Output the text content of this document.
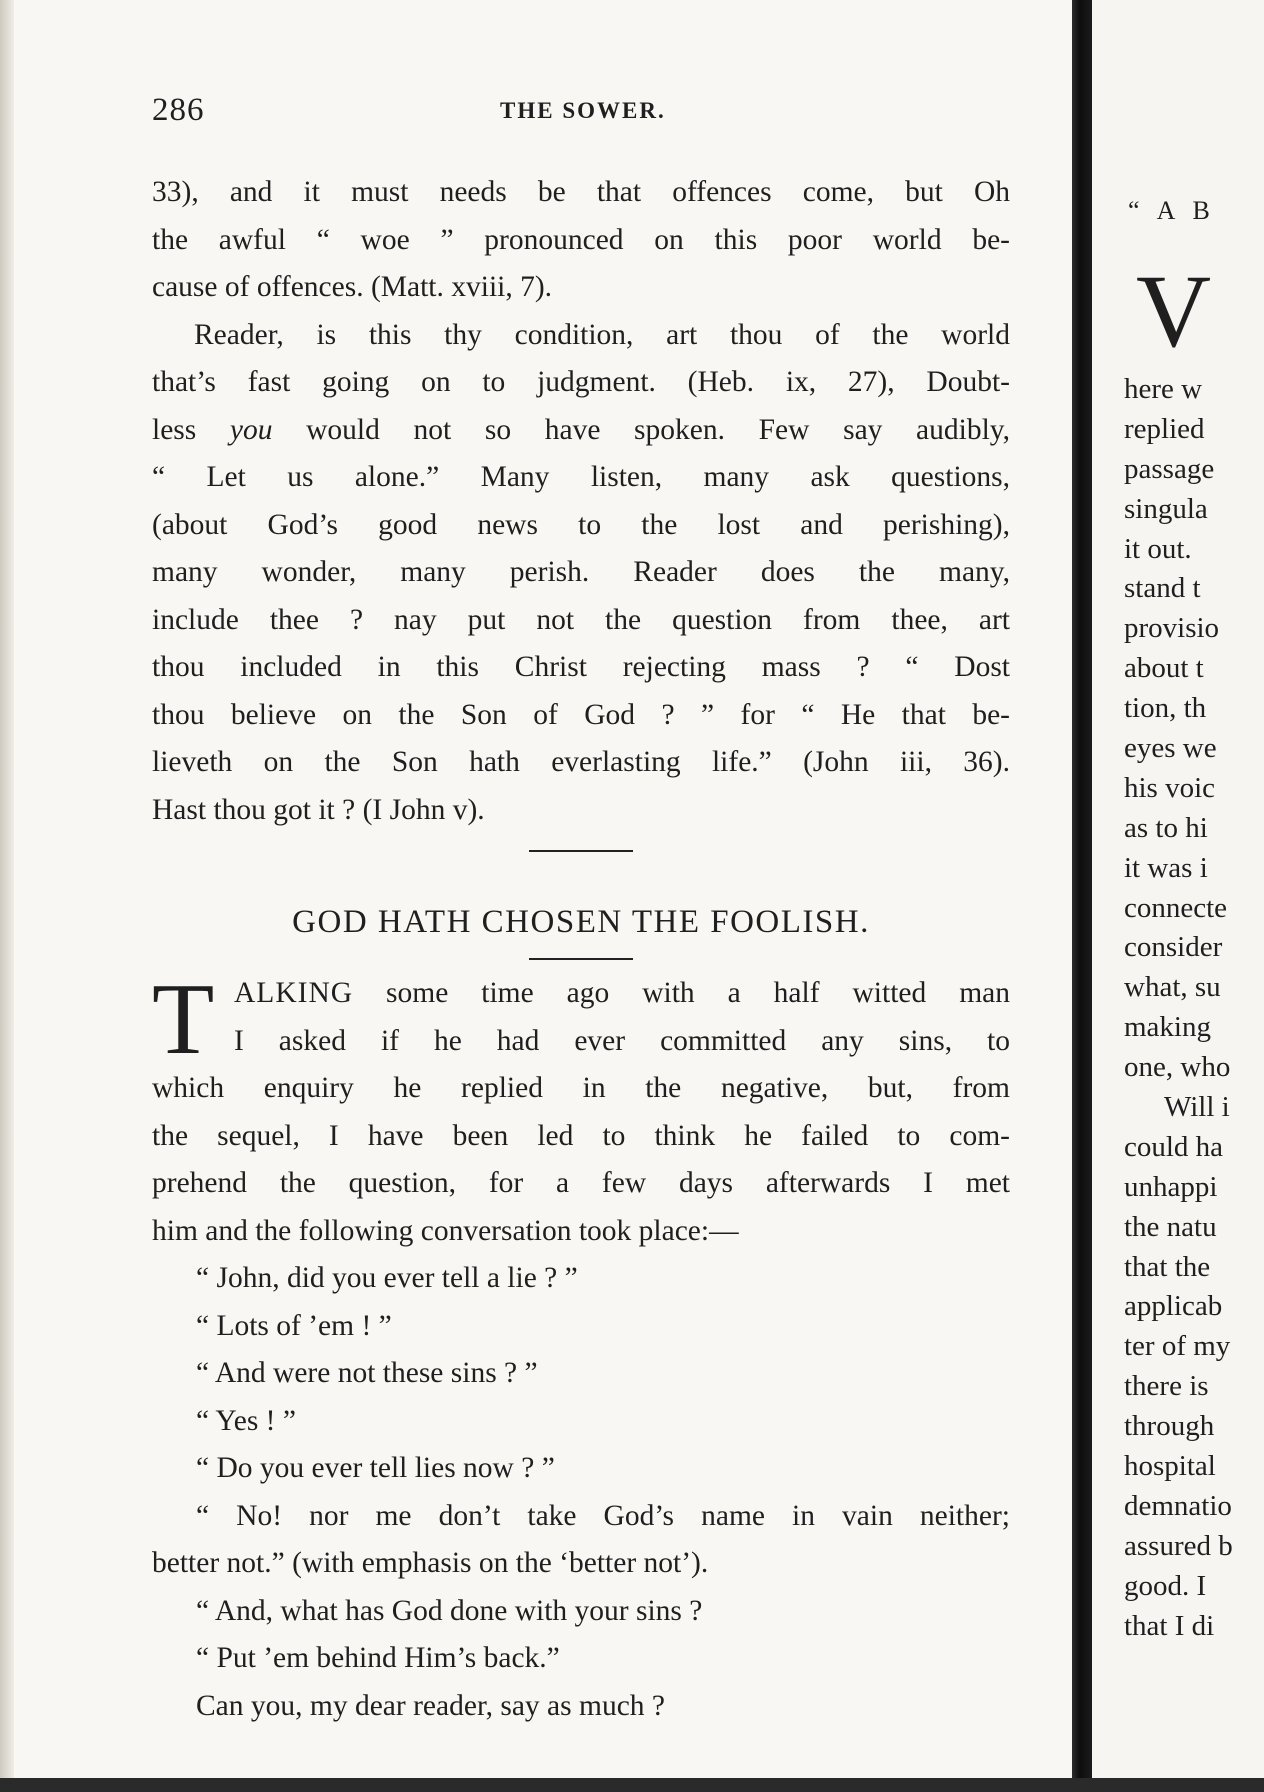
286	THE SOWER.
33), and it must needs be that offences come, but Oh
the awful “ woe ” pronounced on this poor world be-
cause of offences. (Matt. xviii, 7).
Reader, is this thy condition, art thou of the world
that’s fast going on to judgment. (Heb. ix, 27), Doubt-
less you would not so have spoken. Few say audibly,
“ Let us alone.” Many listen, many ask questions,
(about God’s good news to the lost and perishing),
many wonder, many perish. Reader does the many,
include thee ? nay put not the question from thee, art
thou included in this Christ rejecting mass ? “ Dost
thou believe on the Son of God ? ” for “ He that be-
lieveth on the Son hath everlasting life.” (John iii, 36).
Hast thou got it ? (I John v).
GOD HATH CHOSEN THE FOOLISH.
T ALKING some time ago with a half witted man
I asked if he had ever committed any sins, to
which enquiry he replied in the negative, but, from
the sequel, I have been led to think he failed to com-
prehend the question, for a few days afterwards I met
him and the following conversation took place:—
“ John, did you ever tell a lie ? ”
“ Lots of ’em ! ”
“ And were not these sins ? ”
“ Yes ! ”
“ Do you ever tell lies now ? ”
“ No! nor me don’t take God’s name in vain neither;
better not.” (with emphasis on the ‘better not’).
“ And, what has God done with your sins ?
“ Put ’em behind Him’s back.”
Can you, my dear reader, say as much ?
“ A B
V
here w
replied
passage
singula
it out.
stand t
provisio
about t
tion, th
eyes we
his voic
as to hi
it was i
connecte
consider
what, su
making
one, who
Will i
could ha
unhappi
the natu
that the
applicab
ter of my
there is
through
hospital
demnatio
assured b
good. I
that I di
